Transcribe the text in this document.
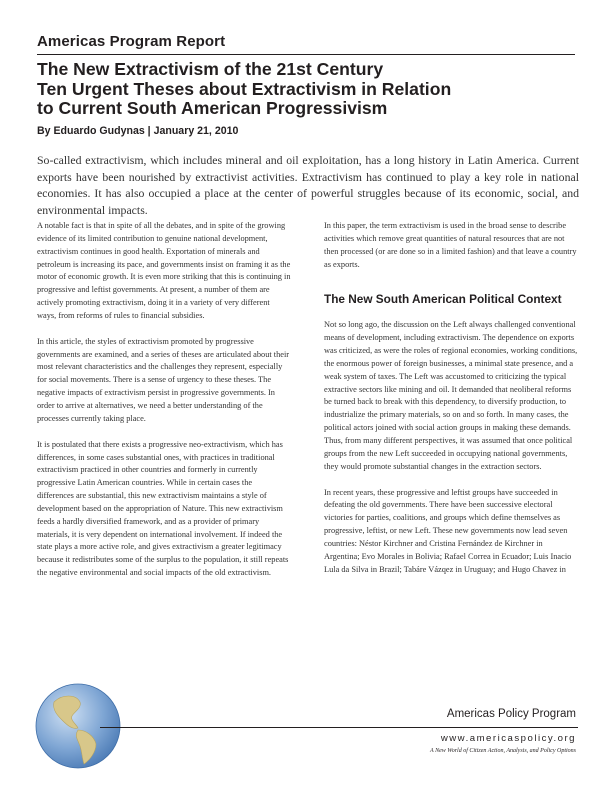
Americas Program Report
The New Extractivism of the 21st Century
Ten Urgent Theses about Extractivism in Relation
to Current South American Progressivism
By Eduardo Gudynas | January 21, 2010
So-called extractivism, which includes mineral and oil exploitation, has a long history in Latin America. Current exports have been nourished by extractivist activities. Extractivism has continued to play a key role in national economies. It has also occupied a place at the center of powerful struggles because of its economic, social, and environmental impacts.

A notable fact is that in spite of all the debates, and in spite of the growing evidence of its limited contribution to genuine national development, extractivism continues in good health. Exportation of minerals and petroleum is increasing its pace, and governments insist on framing it as the motor of economic growth. It is even more striking that this is continuing in progressive and leftist governments. At present, a number of them are actively promoting extractivism, doing it in a variety of very different ways, from reforms of rules to financial subsidies.

In this article, the styles of extractivism promoted by progressive governments are examined, and a series of theses are articulated about their most relevant characteristics and the challenges they represent, especially for social movements. There is a sense of urgency to these theses. The negative impacts of extractivism persist in progressive governments. In order to arrive at alternatives, we need a better understanding of the processes currently taking place.

It is postulated that there exists a progressive neo-extractivism, which has differences, in some cases substantial ones, with practices in traditional extractivism practiced in other countries and formerly in currently progressive Latin American countries. While in certain cases the differences are substantial, this new extractivism maintains a style of development based on the appropriation of Nature. This new extractivism feeds a hardly diversified framework, and as a provider of primary materials, it is very dependent on international involvement. If indeed the state plays a more active role, and gives extractivism a greater legitimacy because it redistributes some of the surplus to the population, it still repeats the negative environmental and social impacts of the old extractivism.

In this paper, the term extractivism is used in the broad sense to describe activities which remove great quantities of natural resources that are not then processed (or are done so in a limited fashion) and that leave a country as exports.

The New South American Political Context

Not so long ago, the discussion on the Left always challenged conventional means of development, including extractivism. The dependence on exports was criticized, as were the roles of regional economies, working conditions, the enormous power of foreign businesses, a minimal state presence, and a weak system of taxes. The Left was accustomed to criticizing the typical extractive sectors like mining and oil. It demanded that neoliberal reforms be turned back to break with this dependency, to diversify production, to industrialize the primary materials, so on and so forth. In many cases, the political actors joined with social action groups in making these demands. Thus, from many different perspectives, it was assumed that once political groups from the new Left succeeded in occupying national governments, they would promote substantial changes in the extraction sectors.

In recent years, these progressive and leftist groups have succeeded in defeating the old governments. There have been successive electoral victories for parties, coalitions, and groups which define themselves as progressive, leftist, or new Left. These new governments now lead seven countries: Néstor Kirchner and Cristina Fernández de Kirchner in Argentina; Evo Morales in Bolivia; Rafael Correa in Ecuador; Luis Inacio Lula da Silva in Brazil; Tabáre Vázqez in Uruguay; and Hugo Chavez in

Americas Policy Program
www.americaspolicy.org
A New World of Citizen Action, Analysis, and Policy Options
